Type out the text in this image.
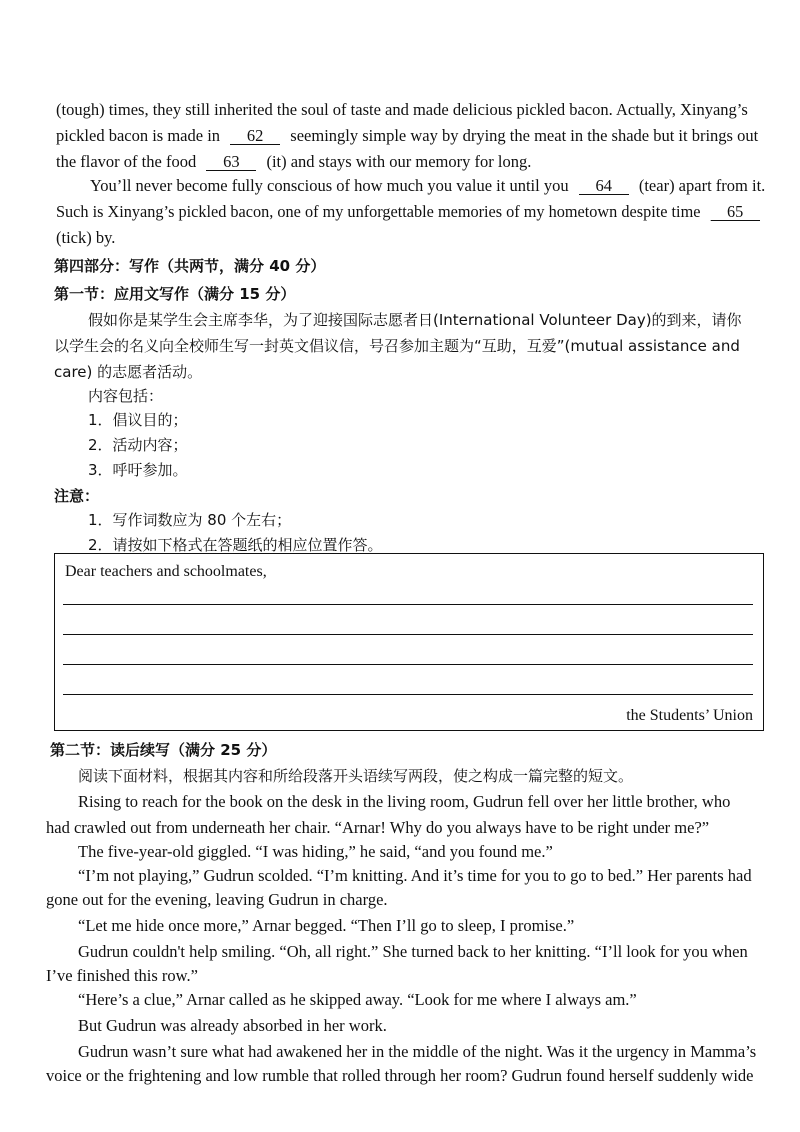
(tough) times, they still inherited the soul of taste and made delicious pickled bacon. Actually, Xinyang’s
pickled bacon is made in 62 seemingly simple way by drying the meat in the shade but it brings out
the flavor of the food 63 (it) and stays with our memory for long.
You’ll never become fully conscious of how much you value it until you 64 (tear) apart from it.
Such is Xinyang’s pickled bacon, one of my unforgettable memories of my hometown despite time 65
(tick) by.
第四部分：写作（共两节，满分 40 分）
第一节：应用文写作（满分 15 分）
假如你是某学生会主席李华，为了迎接国际志愿者日(International Volunteer Day)的到来，请你
以学生会的名义向全校师生写一封英文倡议信，号召参加主题为“互助，互爱”(mutual assistance and
care) 的志愿者活动。
内容包括：
1．倡议目的；
2．活动内容；
3．呼吁参加。
注意：
1．写作词数应为 80 个左右；
2．请按如下格式在答题纸的相应位置作答。
Dear teachers and schoolmates,
the Students’ Union
第二节：读后续写（满分 25 分）
阅读下面材料，根据其内容和所给段落开头语续写两段，使之构成一篇完整的短文。
Rising to reach for the book on the desk in the living room, Gudrun fell over her little brother, who
had crawled out from underneath her chair. “Arnar! Why do you always have to be right under me?”
The five-year-old giggled. “I was hiding,” he said, “and you found me.”
“I’m not playing,” Gudrun scolded. “I’m knitting. And it’s time for you to go to bed.” Her parents had
gone out for the evening, leaving Gudrun in charge.
“Let me hide once more,” Arnar begged. “Then I’ll go to sleep, I promise.”
Gudrun couldn't help smiling. “Oh, all right.” She turned back to her knitting. “I’ll look for you when
I’ve finished this row.”
“Here’s a clue,” Arnar called as he skipped away. “Look for me where I always am.”
But Gudrun was already absorbed in her work.
Gudrun wasn’t sure what had awakened her in the middle of the night. Was it the urgency in Mamma’s
voice or the frightening and low rumble that rolled through her room? Gudrun found herself suddenly wide
